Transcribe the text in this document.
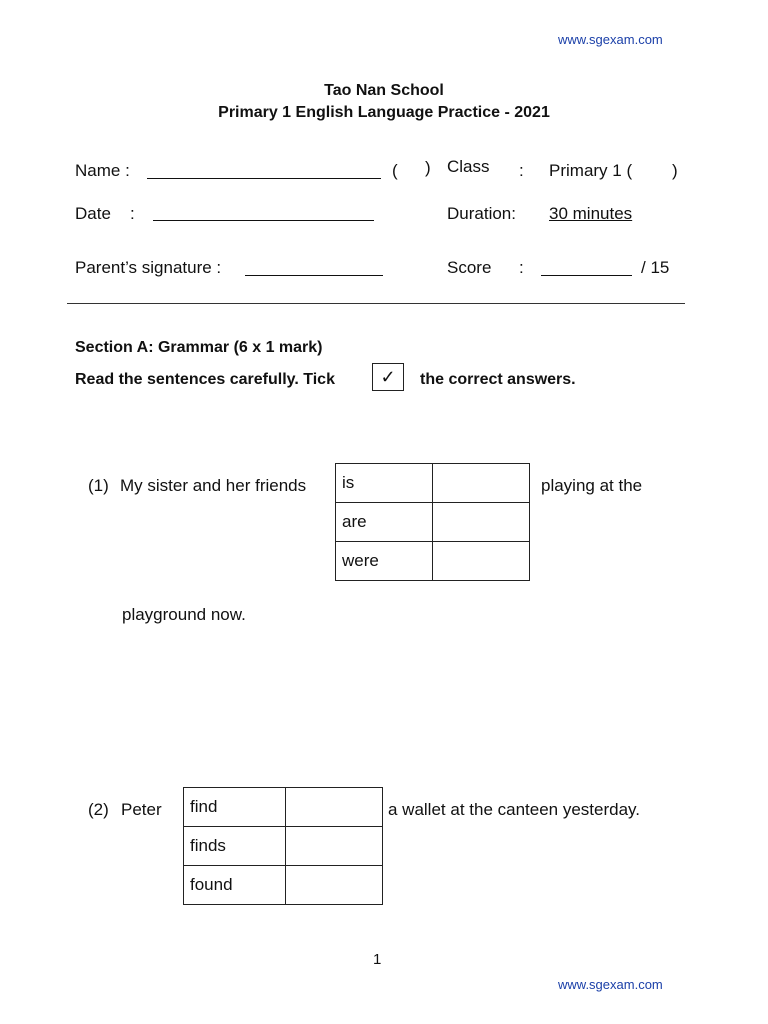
www.sgexam.com
Tao Nan School
Primary 1 English Language Practice - 2021
Name :	( ) Class : Primary 1 ( )
Date :	Duration: 30 minutes
Parent’s signature :	Score :	/ 15
Section A: Grammar (6 x 1 mark)
Read the sentences carefully. Tick	✓	the correct answers.
(1) My sister and her friends is	
are	
were	
playing at the
playground now.
(2) Peter find	
finds	
found	
a wallet at the canteen yesterday.
1
www.sgexam.com
